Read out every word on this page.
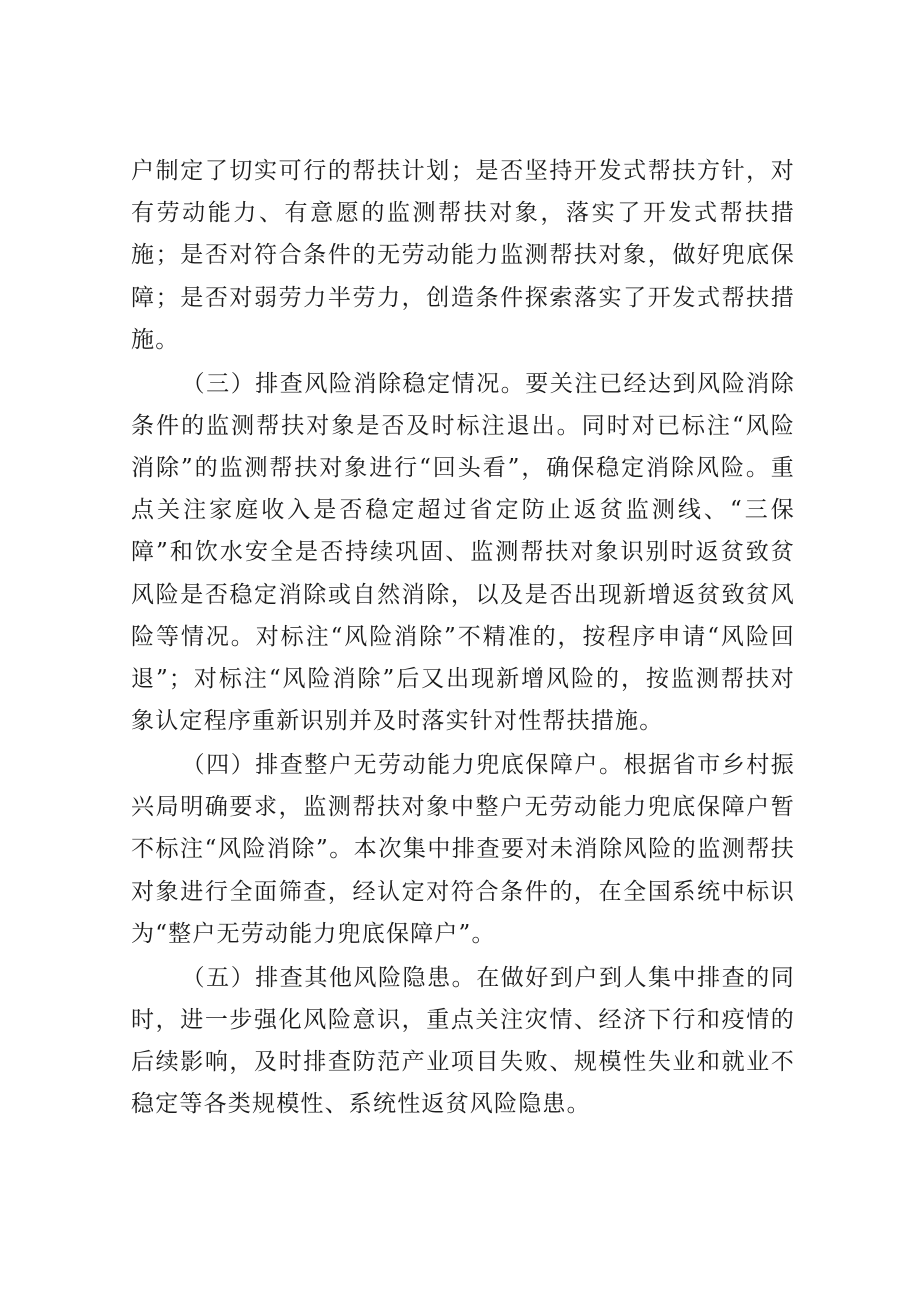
户制定了切实可行的帮扶计划；是否坚持开发式帮扶方针，对有劳动能力、有意愿的监测帮扶对象，落实了开发式帮扶措施；是否对符合条件的无劳动能力监测帮扶对象，做好兜底保障；是否对弱劳力半劳力，创造条件探索落实了开发式帮扶措施。

（三）排查风险消除稳定情况。要关注已经达到风险消除条件的监测帮扶对象是否及时标注退出。同时对已标注“风险消除”的监测帮扶对象进行“回头看”，确保稳定消除风险。重点关注家庭收入是否稳定超过省定防止返贫监测线、“三保障”和饮水安全是否持续巩固、监测帮扶对象识别时返贫致贫风险是否稳定消除或自然消除，以及是否出现新增返贫致贫风险等情况。对标注“风险消除”不精准的，按程序申请“风险回退”；对标注“风险消除”后又出现新增风险的，按监测帮扶对象认定程序重新识别并及时落实针对性帮扶措施。

（四）排查整户无劳动能力兜底保障户。根据省市乡村振兴局明确要求，监测帮扶对象中整户无劳动能力兜底保障户暂不标注“风险消除”。本次集中排查要对未消除风险的监测帮扶对象进行全面筛查，经认定对符合条件的，在全国系统中标识为“整户无劳动能力兜底保障户”。

（五）排查其他风险隐患。在做好到户到人集中排查的同时，进一步强化风险意识，重点关注灾情、经济下行和疫情的后续影响，及时排查防范产业项目失败、规模性失业和就业不稳定等各类规模性、系统性返贫风险隐患。
